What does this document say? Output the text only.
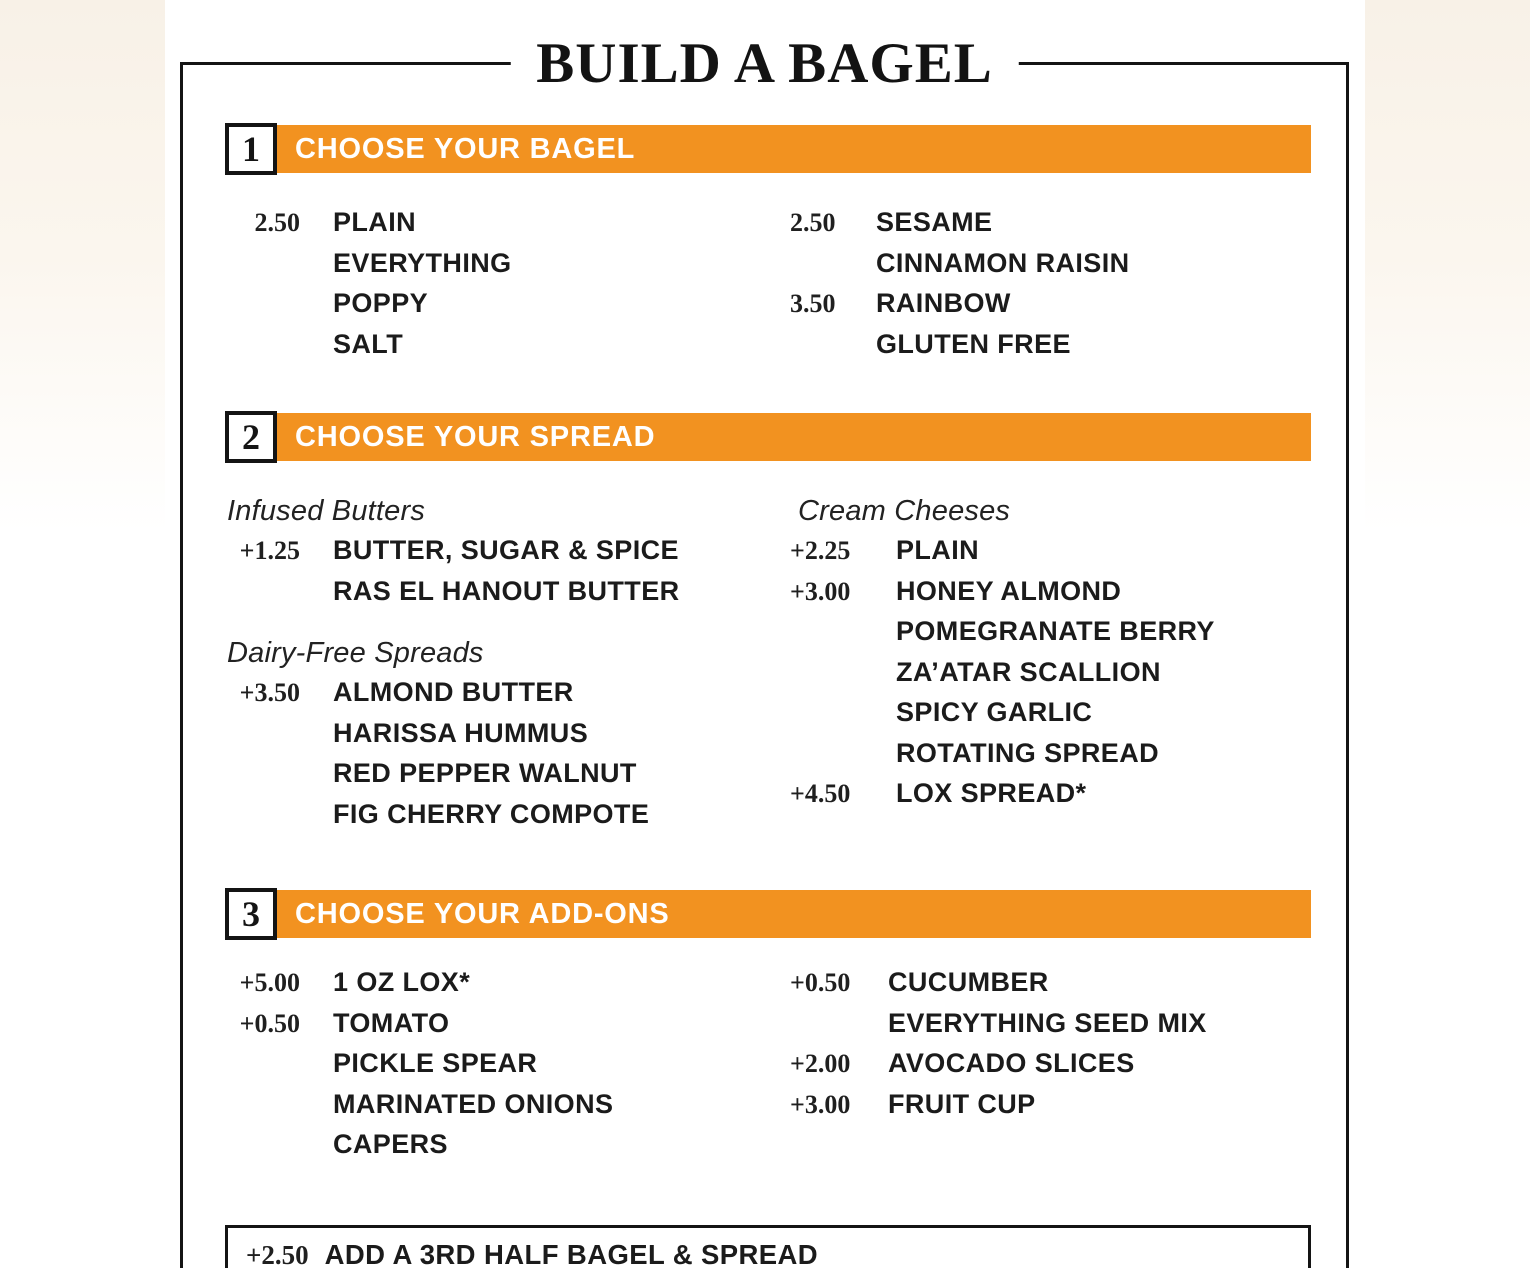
BUILD A BAGEL
1	CHOOSE YOUR BAGEL
2.50 PLAIN
EVERYTHING
POPPY
SALT
2.50	SESAME
CINNAMON RAISIN
3.50	RAINBOW
GLUTEN FREE
2	CHOOSE YOUR SPREAD
Infused Butters
+1.25 BUTTER, SUGAR & SPICE
RAS EL HANOUT BUTTER
Dairy-Free Spreads
+3.50 ALMOND BUTTER
HARISSA HUMMUS
RED PEPPER WALNUT
FIG CHERRY COMPOTE
Cream Cheeses
+2.25	PLAIN
+3.00	HONEY ALMOND
POMEGRANATE BERRY
ZA’ATAR SCALLION
SPICY GARLIC
ROTATING SPREAD
+4.50	LOX SPREAD*
3	CHOOSE YOUR ADD-ONS
+5.00 1 OZ LOX*
+0.50 TOMATO
PICKLE SPEAR
MARINATED ONIONS
CAPERS
+0.50	CUCUMBER
EVERYTHING SEED MIX
+2.00	AVOCADO SLICES
+3.00	FRUIT CUP
+2.50 ADD A 3RD HALF BAGEL & SPREAD
